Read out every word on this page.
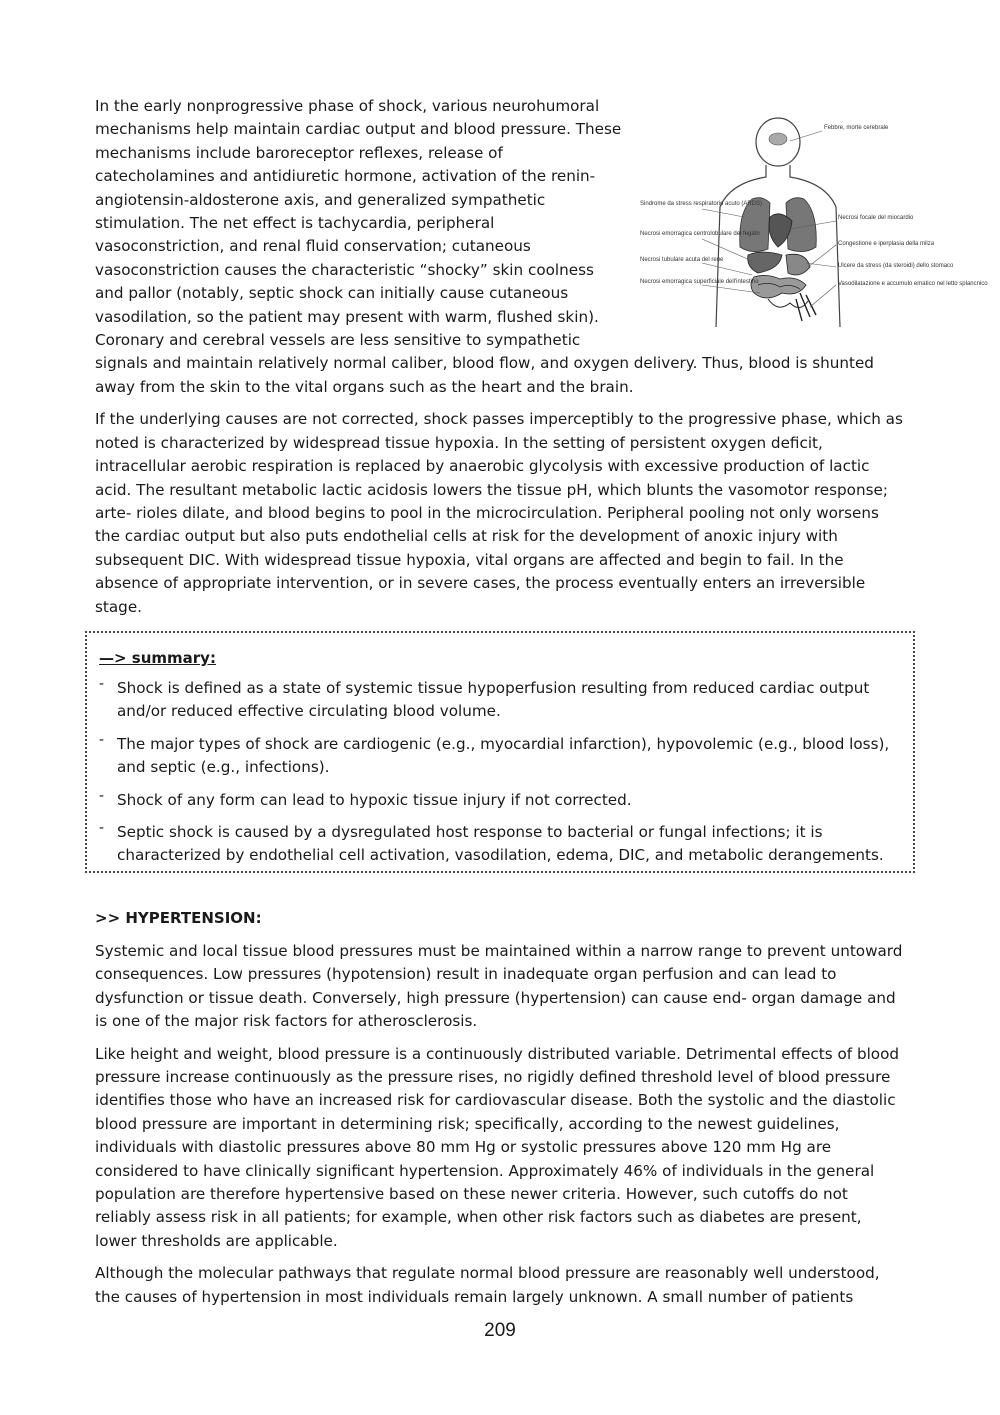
Febbre, morte cerebrale
Sindrome da stress respiratorio acuto (ARDS)
Necrosi emorragica centrolobulare del fegato
Necrosi tubulare acuta del rene
Necrosi emorragica superficiale dell'intestino
Necrosi focale del miocardio
Congestione e iperplasia della milza
Ulcere da stress (da steroidi) dello stomaco
Vasodilatazione e accumulo ematico nel letto splancnico

In the early nonprogressive phase of shock, various neurohumoral mechanisms help maintain cardiac output and blood pressure. These mechanisms include baroreceptor reflexes, release of catecholamines and antidiuretic hormone, activation of the renin-angiotensin-aldosterone axis, and generalized sympathetic stimulation. The net effect is tachycardia, peripheral vasoconstriction, and renal fluid conservation; cutaneous vasoconstriction causes the characteristic “shocky” skin coolness and pallor (notably, septic shock can initially cause cutaneous vasodilation, so the patient may present with warm, flushed skin). Coronary and cerebral vessels are less sensitive to sympathetic signals and maintain relatively normal caliber, blood flow, and oxygen delivery. Thus, blood is shunted away from the skin to the vital organs such as the heart and the brain.

If the underlying causes are not corrected, shock passes imperceptibly to the progressive phase, which as noted is characterized by widespread tissue hypoxia. In the setting of persistent oxygen deficit, intracellular aerobic respiration is replaced by anaerobic glycolysis with excessive production of lactic acid. The resultant metabolic lactic acidosis lowers the tissue pH, which blunts the vasomotor response; arte- rioles dilate, and blood begins to pool in the microcirculation. Peripheral pooling not only worsens the cardiac output but also puts endothelial cells at risk for the development of anoxic injury with subsequent DIC. With widespread tissue hypoxia, vital organs are affected and begin to fail. In the absence of appropriate intervention, or in severe cases, the process eventually enters an irreversible stage.

—> summary:
- Shock is defined as a state of systemic tissue hypoperfusion resulting from reduced cardiac output and/or reduced effective circulating blood volume.
- The major types of shock are cardiogenic (e.g., myocardial infarction), hypovolemic (e.g., blood loss), and septic (e.g., infections).
- Shock of any form can lead to hypoxic tissue injury if not corrected.
- Septic shock is caused by a dysregulated host response to bacterial or fungal infections; it is characterized by endothelial cell activation, vasodilation, edema, DIC, and metabolic derangements.
>> HYPERTENSION:

Systemic and local tissue blood pressures must be maintained within a narrow range to prevent untoward consequences. Low pressures (hypotension) result in inadequate organ perfusion and can lead to dysfunction or tissue death. Conversely, high pressure (hypertension) can cause end- organ damage and is one of the major risk factors for atherosclerosis.

Like height and weight, blood pressure is a continuously distributed variable. Detrimental effects of blood pressure increase continuously as the pressure rises, no rigidly defined threshold level of blood pressure identifies those who have an increased risk for cardiovascular disease. Both the systolic and the diastolic blood pressure are important in determining risk; specifically, according to the newest guidelines, individuals with diastolic pressures above 80 mm Hg or systolic pressures above 120 mm Hg are considered to have clinically significant hypertension. Approximately 46% of individuals in the general population are therefore hypertensive based on these newer criteria. However, such cutoffs do not reliably assess risk in all patients; for example, when other risk factors such as diabetes are present, lower thresholds are applicable.

Although the molecular pathways that regulate normal blood pressure are reasonably well understood, the causes of hypertension in most individuals remain largely unknown. A small number of patients

209
